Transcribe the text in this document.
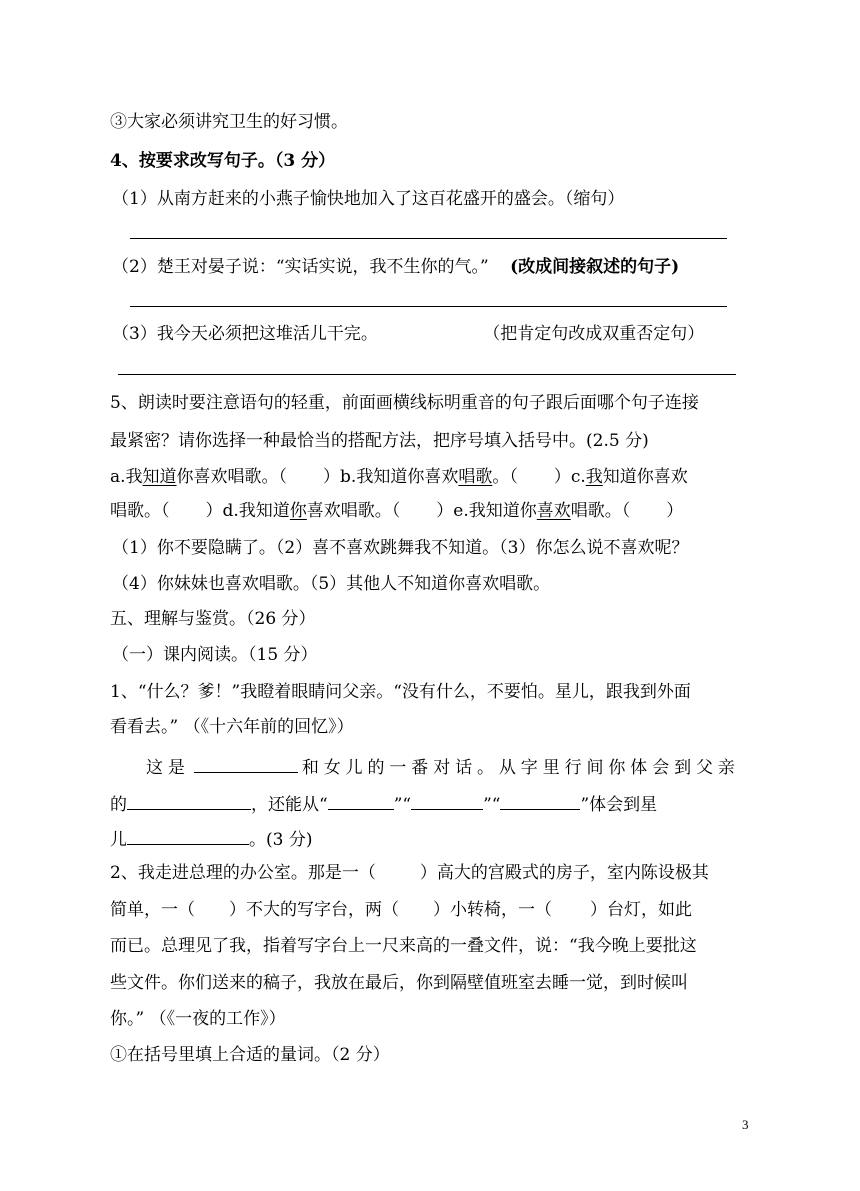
③大家必须讲究卫生的好习惯。
4、按要求改写句子。（3 分）
（1）从南方赶来的小燕子愉快地加入了这百花盛开的盛会。（缩句）
（2）楚王对晏子说：“实话实说，我不生你的气。” (改成间接叙述的句子)
（3）我今天必须把这堆活儿干完。	（把肯定句改成双重否定句）
5、朗读时要注意语句的轻重，前面画横线标明重音的句子跟后面哪个句子连接
最紧密？请你选择一种最恰当的搭配方法，把序号填入括号中。(2.5 分)
a.我知道你喜欢唱歌。（ ）b.我知道你喜欢唱歌。（ ）c.我知道你喜欢
唱歌。（ ）d.我知道你喜欢唱歌。（ ）e.我知道你喜欢唱歌。（ ）
（1）你不要隐瞒了。（2）喜不喜欢跳舞我不知道。（3）你怎么说不喜欢呢？
（4）你妹妹也喜欢唱歌。（5）其他人不知道你喜欢唱歌。
五、理解与鉴赏。（26 分）
（一）课内阅读。（15 分）
1、“什么？爹！”我瞪着眼睛问父亲。“没有什么，不要怕。星儿，跟我到外面
看看去。” （《十六年前的回忆》）
这是	和女儿的一番对话。从字里行间你体会到父亲
的	，还能从“	”“	”“	”体会到星
儿	。(3 分)
2、我走进总理的办公室。那是一（	）高大的宫殿式的房子，室内陈设极其
简单，一（ ）不大的写字台，两（ ）小转椅，一（ ）台灯，如此
而已。总理见了我，指着写字台上一尺来高的一叠文件，说：“我今晚上要批这
些文件。你们送来的稿子，我放在最后，你到隔壁值班室去睡一觉，到时候叫
你。” （《一夜的工作》）
①在括号里填上合适的量词。（2 分）
3
